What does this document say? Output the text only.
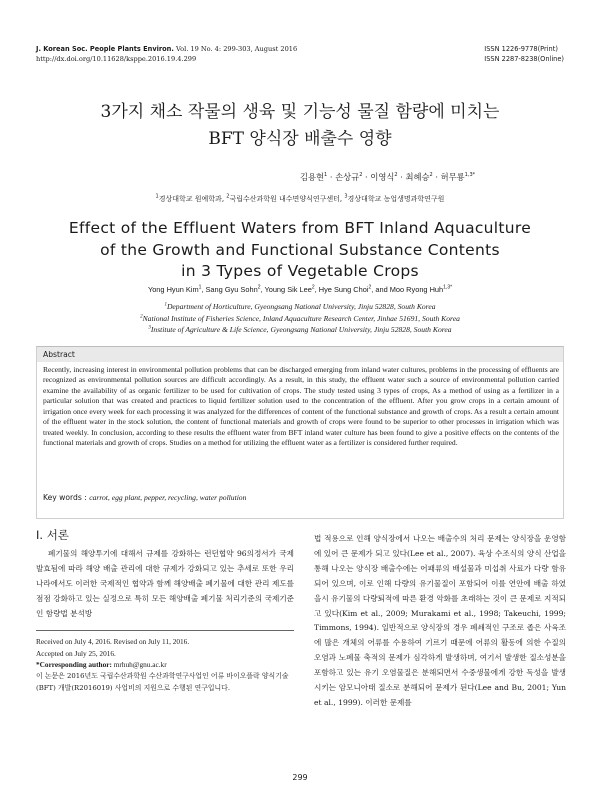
J. Korean Soc. People Plants Environ. Vol. 19 No. 4: 299-303, August 2016
http://dx.doi.org/10.11628/ksppe.2016.19.4.299
ISSN 1226-9778(Print)
ISSN 2287-8238(Online)
3가지 채소 작물의 생육 및 기능성 물질 함량에 미치는
BFT 양식장 배출수 영향
김용현$^1$ · 손상규$^2$ · 이영식$^2$ · 최혜승$^2$ · 허무룡$^{1,3*}$
$^1$경상대학교 원예학과, $^2$국립수산과학원 내수면양식연구센터, $^3$경상대학교 농업생명과학연구원
Effect of the Effluent Waters from BFT Inland Aquaculture
of the Growth and Functional Substance Contents
in 3 Types of Vegetable Crops
Yong Hyun Kim$^1$, Sang Gyu Sohn$^2$, Young Sik Lee$^2$, Hye Sung Choi$^2$, and Moo Ryong Huh$^{1,3*}$
$^1$Department of Horticulture, Gyeongsang National University, Jinju 52828, South Korea
$^2$National Institute of Fisheries Science, Inland Aquaculture Research Center, Jinhae 51691, South Korea
$^3$Institute of Agriculture & Life Science, Gyeongsang National University, Jinju 52828, South Korea
Abstract
Recently, increasing interest in environmental pollution problems that can be discharged emerging from inland water cultures, problems in the processing of effluents are recognized as environmental pollution sources are difficult accordingly. As a result, in this study, the effluent water such a source of environmental pollution carried examine the availability of as organic fertilizer to be used for cultivation of crops. The study tested using 3 types of crops, As a method of using as a fertilizer in a particular solution that was created and practices to liquid fertilizer solution used to the concentration of the effluent. After you grow crops in a certain amount of irrigation once every week for each processing it was analyzed for the differences of content of the functional substance and growth of crops. As a result a certain amount of the effluent water in the stock solution, the content of functional materials and growth of crops were found to be superior to other processes in irrigation which was treated weekly. In conclusion, according to these results the effluent water from BFT inland water culture has been found to give a positive effects on the contents of the functional materials and growth of crops. Studies on a method for utilizing the effluent water as a fertilizer is considered further required.
Key words : carrot, egg plant, pepper, recycling, water pollution
Ⅰ. 서론
폐기물의 해양투기에 대해서 규제를 강화하는 런던협약 96의정서가 국제 발효됨에 따라 해양 배출 관리에 대한 규제가 강화되고 있는 추세로 또한 우리나라에서도 이러한 국제적인 협약과 함께 해양배출 폐기물에 대한 관리 제도를 점점 강화하고 있는 실정으로 특히 모든 해양배출 폐기물 처리기준의 국제기준인 함량법 분석방
법 적용으로 인해 양식장에서 나오는 배출수의 처리 문제는 양식장을 운영함에 있어 큰 문제가 되고 있다(Lee et al., 2007). 육상 수조식의 양식 산업을 통해 나오는 양식장 배출수에는 어패류의 배설물과 미섭취 사료가 다량 함유되어 있으며, 이로 인해 다량의 유기물질이 포함되어 이를 연안에 배출 하였을시 유기물의 다량퇴적에 따른 환경 악화를 초래하는 것이 큰 문제로 지적되고 있다(Kim et al., 2009; Murakami et al., 1998; Takeuchi, 1999; Timmons, 1994). 일반적으로 양식장의 경우 폐쇄적인 구조로 좁은 사육조에 많은 개체의 어류를 수용하여 기르기 때문에 어류의 활동에 의한 수질의 오염과 노폐물 축적의 문제가 심각하게 발생하며, 여기서 발생한 질소성분을 포함하고 있는 유기 오염물질은 분해되면서 수중생물에게 강한 독성을 발생시키는 암모니아태 질소로 분해되어 문제가 된다(Lee and Bu, 2001; Yun et al., 1999). 이러한 문제를
Received on July 4, 2016. Revised on July 11, 2016.
Accepted on July 25, 2016.
*Corresponding author: mrhuh@gnu.ac.kr
이 논문은 2016년도 국립수산과학원 수산과학연구사업인 어류 바이오플락 양식기술(BFT) 개발(R2016019) 사업비의 지원으로 수행된 연구입니다.
299
